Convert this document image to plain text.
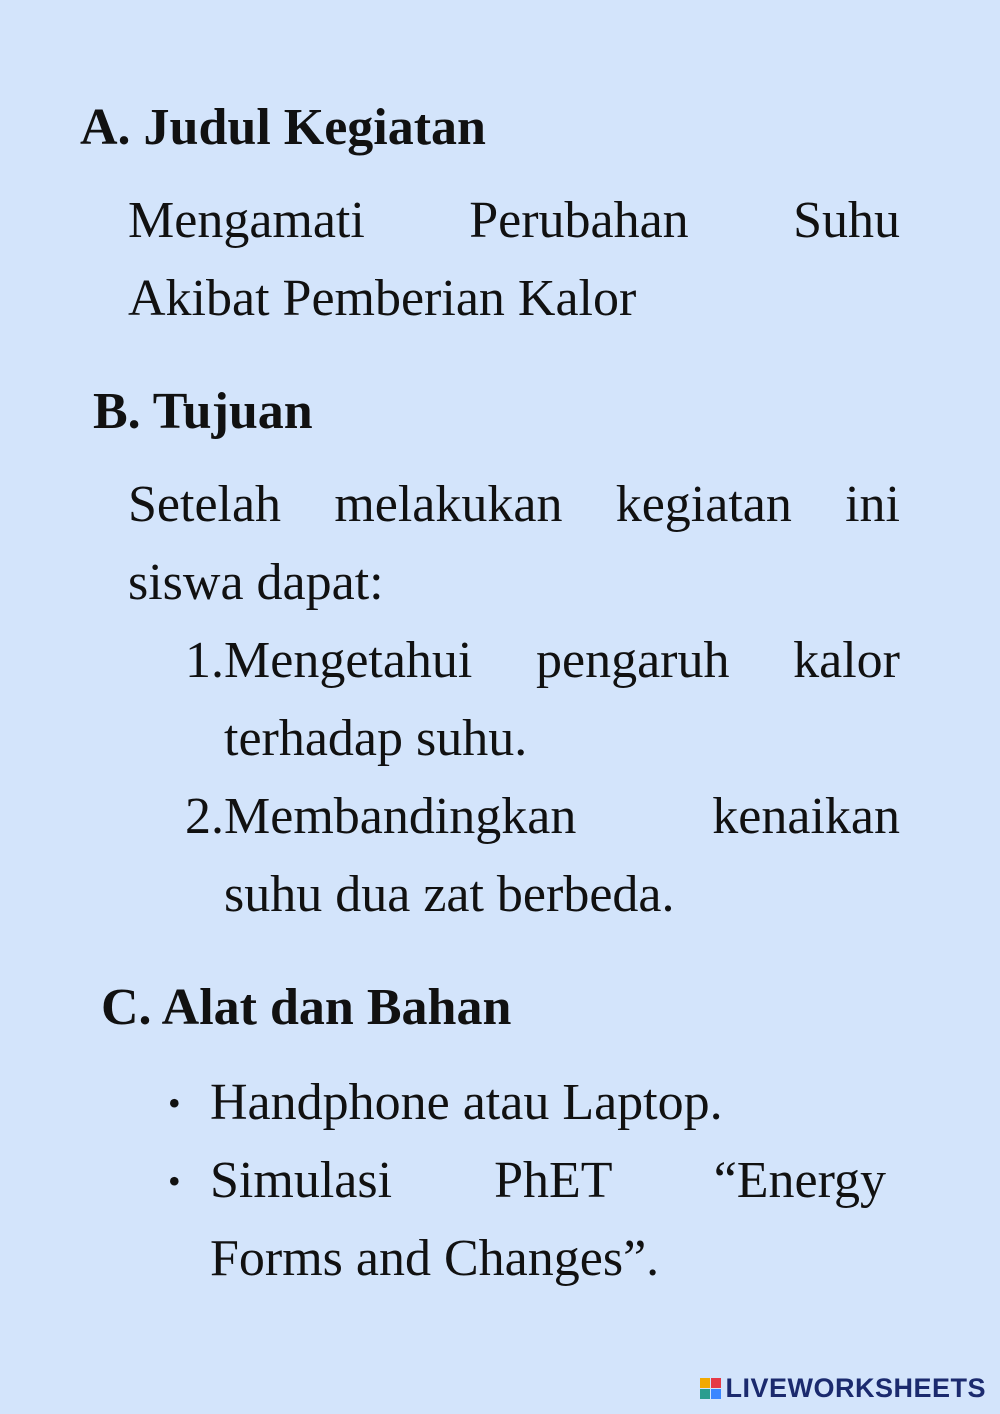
A. Judul Kegiatan
Mengamati Perubahan Suhu
Akibat Pemberian Kalor
B. Tujuan
Setelah melakukan kegiatan ini
siswa dapat:
1. Mengetahui pengaruh kalor
terhadap suhu.
2. Membandingkan kenaikan
suhu dua zat berbeda.
C. Alat dan Bahan
• Handphone atau Laptop.
• Simulasi PhET “Energy
Forms and Changes”.
LIVEWORKSHEETS
